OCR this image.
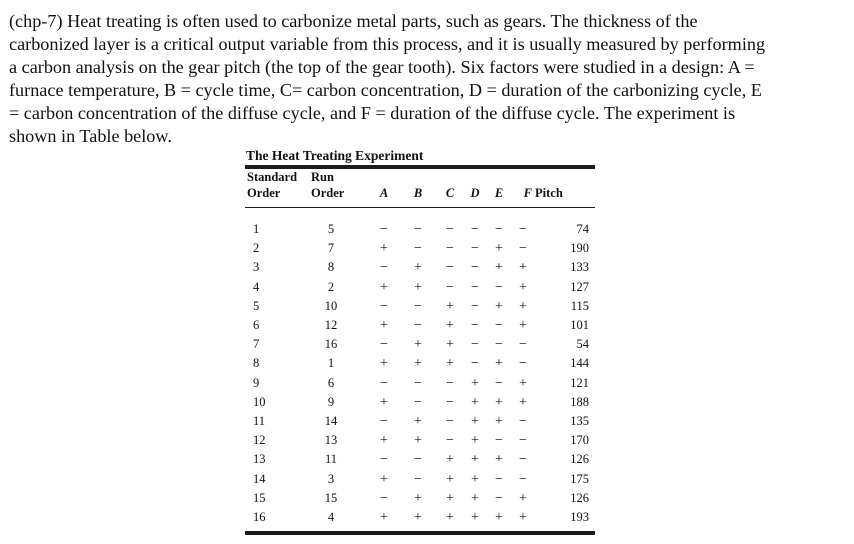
(chp-7) Heat treating is often used to carbonize metal parts, such as gears. The thickness of the
carbonized layer is a critical output variable from this process, and it is usually measured by performing
a carbon analysis on the gear pitch (the top of the gear tooth). Six factors were studied in a design: A =
furnace temperature, B = cycle time, C= carbon concentration, D = duration of the carbonizing cycle, E
= carbon concentration of the diffuse cycle, and F = duration of the diffuse cycle. The experiment is
shown in Table below.
The Heat Treating Experiment
Standard	Run							
Order	Order	A	B	C	D	E	F	Pitch

1	5	−	−	−	−	−	−	74
2	7	+	−	−	−	+	−	190
3	8	−	+	−	−	+	+	133
4	2	+	+	−	−	−	+	127
5	10	−	−	+	−	+	+	115
6	12	+	−	+	−	−	+	101
7	16	−	+	+	−	−	−	54
8	1	+	+	+	−	+	−	144
9	6	−	−	−	+	−	+	121
10	9	+	−	−	+	+	+	188
11	14	−	+	−	+	+	−	135
12	13	+	+	−	+	−	−	170
13	11	−	−	+	+	+	−	126
14	3	+	−	+	+	−	−	175
15	15	−	+	+	+	−	+	126
16	4	+	+	+	+	+	+	193
